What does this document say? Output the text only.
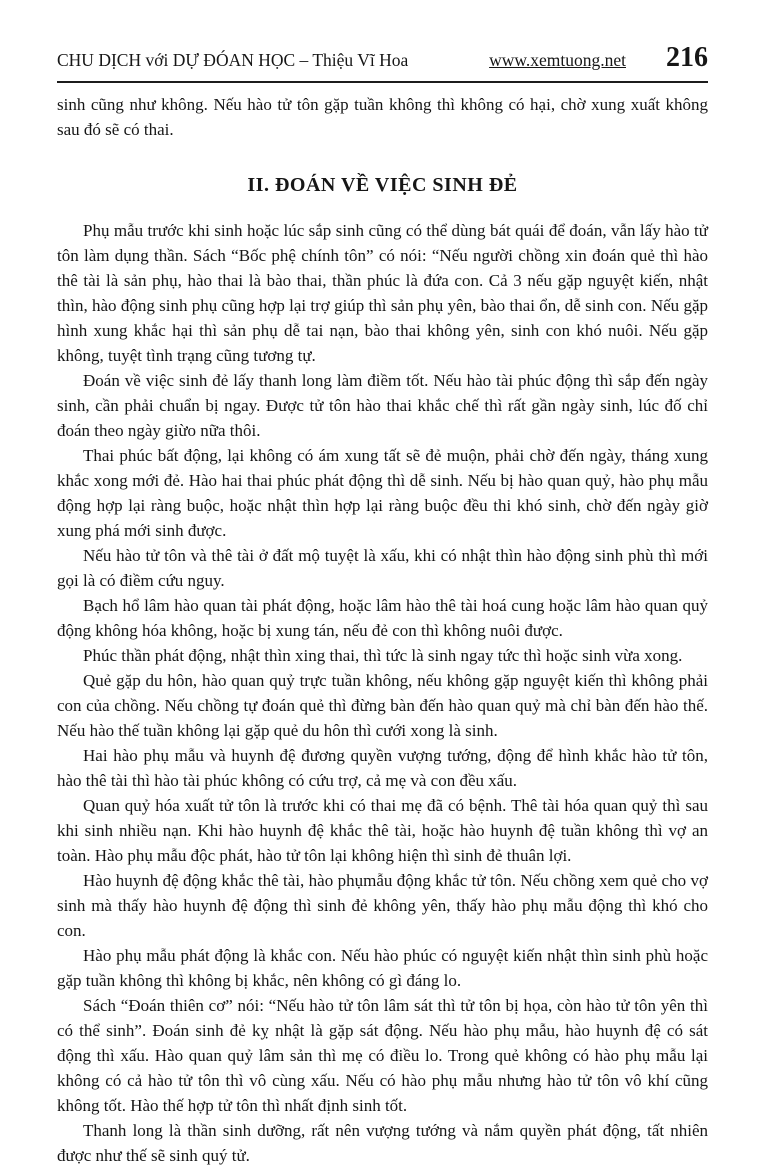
CHU DỊCH với DỰ ĐÓAN HỌC – Thiệu Vĩ Hoa	www.xemtuong.net 216

sinh cũng như không. Nếu hào tử tôn gặp tuần không thì không có hại, chờ xung xuất không sau đó sẽ có thai.

II. ĐOÁN VỀ VIỆC SINH ĐẺ

Phụ mẫu trước khi sinh hoặc lúc sắp sinh cũng có thể dùng bát quái để đoán, vẫn lấy hào tử tôn làm dụng thần. Sách “Bốc phệ chính tôn” có nói: “Nếu người chồng xin đoán quẻ thì hào thê tài là sản phụ, hào thai là bào thai, thần phúc là đứa con. Cả 3 nếu gặp nguyệt kiến, nhật thìn, hào động sinh phụ cũng hợp lại trợ giúp thì sản phụ yên, bào thai ổn, dễ sinh con. Nếu gặp hình xung khắc hại thì sản phụ dễ tai nạn, bào thai không yên, sinh con khó nuôi. Nếu gặp không, tuyệt tình trạng cũng tương tự.

Đoán về việc sinh đẻ lấy thanh long làm điềm tốt. Nếu hào tài phúc động thì sắp đến ngày sinh, cần phải chuẩn bị ngay. Được tử tôn hào thai khắc chế thì rất gần ngày sinh, lúc đố chỉ đoán theo ngày giừo nữa thôi.

Thai phúc bất động, lại không có ám xung tất sẽ đẻ muộn, phải chờ đến ngày, tháng xung khắc xong mới đẻ. Hào hai thai phúc phát động thì dễ sinh. Nếu bị hào quan quỷ, hào phụ mẫu động hợp lại ràng buộc, hoặc nhật thìn hợp lại ràng buộc đều thi khó sinh, chờ đến ngày giờ xung phá mới sinh được.

Nếu hào tử tôn và thê tài ở đất mộ tuyệt là xấu, khi có nhật thìn hào động sinh phù thì mới gọi là có điềm cứu nguy.

Bạch hổ lâm hào quan tài phát động, hoặc lâm hào thê tài hoá cung hoặc lâm hào quan quỷ động không hóa không, hoặc bị xung tán, nếu đẻ con thì không nuôi được.

Phúc thần phát động, nhật thìn xing thai, thì tức là sinh ngay tức thì hoặc sinh vừa xong.

Quẻ gặp du hôn, hào quan quỷ trực tuần không, nếu không gặp nguyệt kiến thì không phải con của chồng. Nếu chồng tự đoán quẻ thì đừng bàn đến hào quan quỷ mà chỉ bàn đến hào thế. Nếu hào thế tuần không lại gặp quẻ du hôn thì cưới xong là sinh.

Hai hào phụ mẫu và huynh đệ đương quyền vượng tướng, động để hình khắc hào tử tôn, hào thê tài thì hào tài phúc không có cứu trợ, cả mẹ và con đều xấu.

Quan quỷ hóa xuất tử tôn là trước khi có thai mẹ đã có bệnh. Thê tài hóa quan quỷ thì sau khi sinh nhiều nạn. Khi hào huynh đệ khắc thê tài, hoặc hào huynh đệ tuần không thì vợ an toàn. Hào phụ mẫu độc phát, hào tử tôn lại không hiện thì sinh đẻ thuân lợi.

Hào huynh đệ động khắc thê tài, hào phụmẫu động khắc tử tôn. Nếu chồng xem quẻ cho vợ sinh mà thấy hào huynh đệ động thì sinh đẻ không yên, thấy hào phụ mẫu động thì khó cho con.

Hào phụ mẫu phát động là khắc con. Nếu hào phúc có nguyệt kiến nhật thìn sinh phù hoặc gặp tuần không thì không bị khắc, nên không có gì đáng lo.

Sách “Đoán thiên cơ” nói: “Nếu hào tử tôn lâm sát thì tử tôn bị họa, còn hào tử tôn yên thì có thể sinh”. Đoán sinh đẻ kỵ nhật là gặp sát động. Nếu hào phụ mẫu, hào huynh đệ có sát động thì xấu. Hào quan quỷ lâm sản thì mẹ có điều lo. Trong quẻ không có hào phụ mẫu lại không có cả hào tử tôn thì vô cùng xấu. Nếu có hào phụ mẫu nhưng hào tử tôn vô khí cũng không tốt. Hào thế hợp tử tôn thì nhất định sinh tốt.

Thanh long là thần sinh dưỡng, rất nên vượng tướng và nắm quyền phát động, tất nhiên được như thế sẽ sinh quý tử.
